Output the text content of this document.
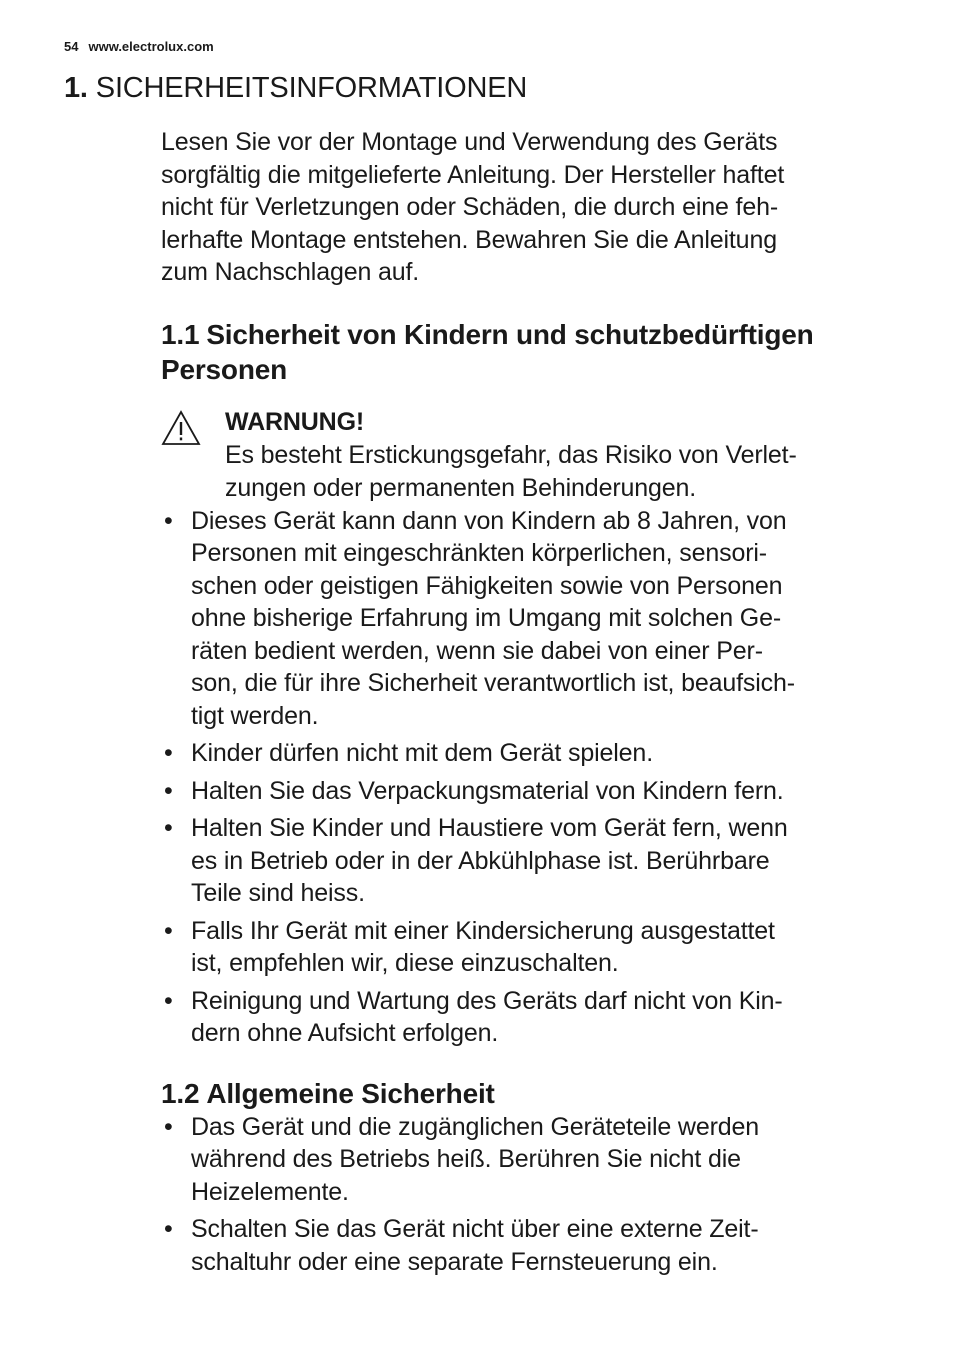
54 www.electrolux.com
1. SICHERHEITSINFORMATIONEN

Lesen Sie vor der Montage und Verwendung des Geräts
sorgfältig die mitgelieferte Anleitung. Der Hersteller haftet
nicht für Verletzungen oder Schäden, die durch eine feh-
lerhafte Montage entstehen. Bewahren Sie die Anleitung
zum Nachschlagen auf.

1.1 Sicherheit von Kindern und schutzbedürftigen
Personen
WARNUNG!
Es besteht Erstickungsgefahr, das Risiko von Verlet-
zungen oder permanenten Behinderungen.
• Dieses Gerät kann dann von Kindern ab 8 Jahren, von
Personen mit eingeschränkten körperlichen, sensori-
schen oder geistigen Fähigkeiten sowie von Personen
ohne bisherige Erfahrung im Umgang mit solchen Ge-
räten bedient werden, wenn sie dabei von einer Per-
son, die für ihre Sicherheit verantwortlich ist, beaufsich-
tigt werden.
• Kinder dürfen nicht mit dem Gerät spielen.
• Halten Sie das Verpackungsmaterial von Kindern fern.
• Halten Sie Kinder und Haustiere vom Gerät fern, wenn
es in Betrieb oder in der Abkühlphase ist. Berührbare
Teile sind heiss.
• Falls Ihr Gerät mit einer Kindersicherung ausgestattet
ist, empfehlen wir, diese einzuschalten.
• Reinigung und Wartung des Geräts darf nicht von Kin-
dern ohne Aufsicht erfolgen.
1.2 Allgemeine Sicherheit
• Das Gerät und die zugänglichen Geräteteile werden
während des Betriebs heiß. Berühren Sie nicht die
Heizelemente.
• Schalten Sie das Gerät nicht über eine externe Zeit-
schaltuhr oder eine separate Fernsteuerung ein.
